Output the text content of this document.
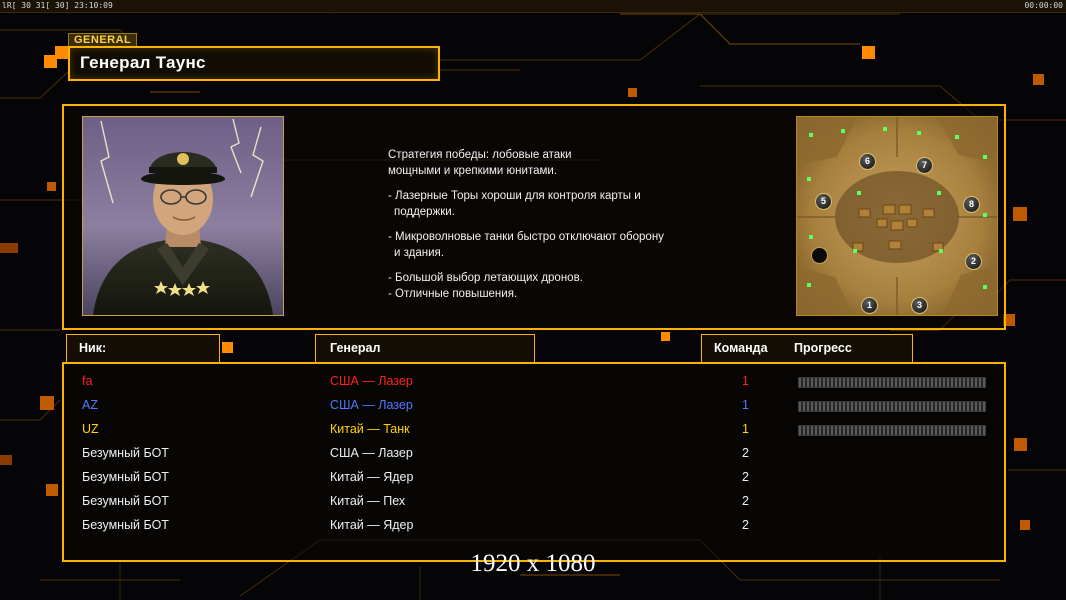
lR[ 30 31[ 30] 23:10:09	00:00:00
GENERAL
Генерал Таунс

Стратегия победы: лобовые атаки

мощными и крепкими юнитами.

- Лазерные Торы хороши для контроля карты и

поддержки.

- Микроволновые танки быстро отключают оборону

и здания.

- Большой выбор летающих дронов.

- Отличные повышения.

6	7
5	8
1	3
2
Ник:	Генерал	Команда Прогресс
fa	США — Лазер	1
AZ	США — Лазер	1
UZ	Китай — Танк	1
Безумный БОТ	США — Лазер	2
Безумный БОТ	Китай — Ядер	2
Безумный БОТ	Китай — Пех	2
Безумный БОТ	Китай — Ядер	2
1920 x 1080
